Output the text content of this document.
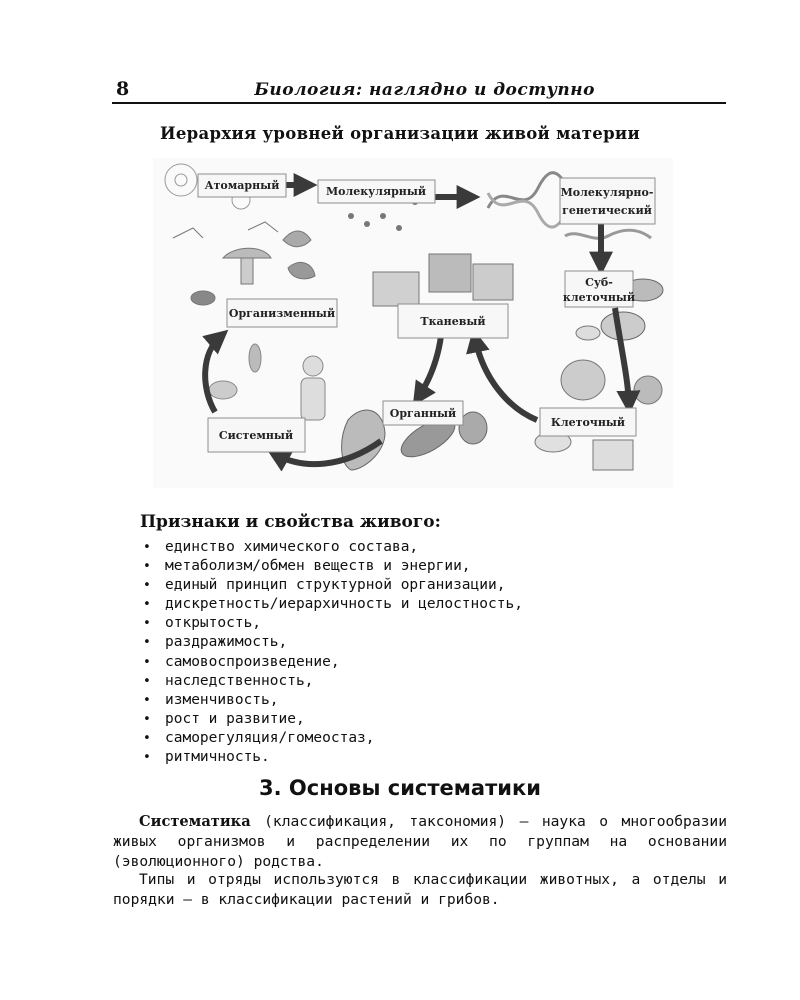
8	Биология: наглядно и доступно
Иерархия уровней организации живой материи
Атомарный	Молекулярный	Молекулярно-
генетический
Суб-
клеточный
Клеточный
Тканевый
Органный
Системный
Организменный
Признаки и свойства живого:
• единство химического состава,
• метаболизм/обмен веществ и энергии,
• единый принцип структурной организации,
• дискретность/иерархичность и целостность,
• открытость,
• раздражимость,
• самовоспроизведение,
• наследственность,
• изменчивость,
• рост и развитие,
• саморегуляция/гомеостаз,
• ритмичность.
3. Основы систематики

Систематика (классификация, таксономия) — наука о многообразии живых организмов и распределении их по группам на основании (эволюционного) родства.

Типы и отряды используются в классификации животных, а отделы и порядки — в классификации растений и грибов.
